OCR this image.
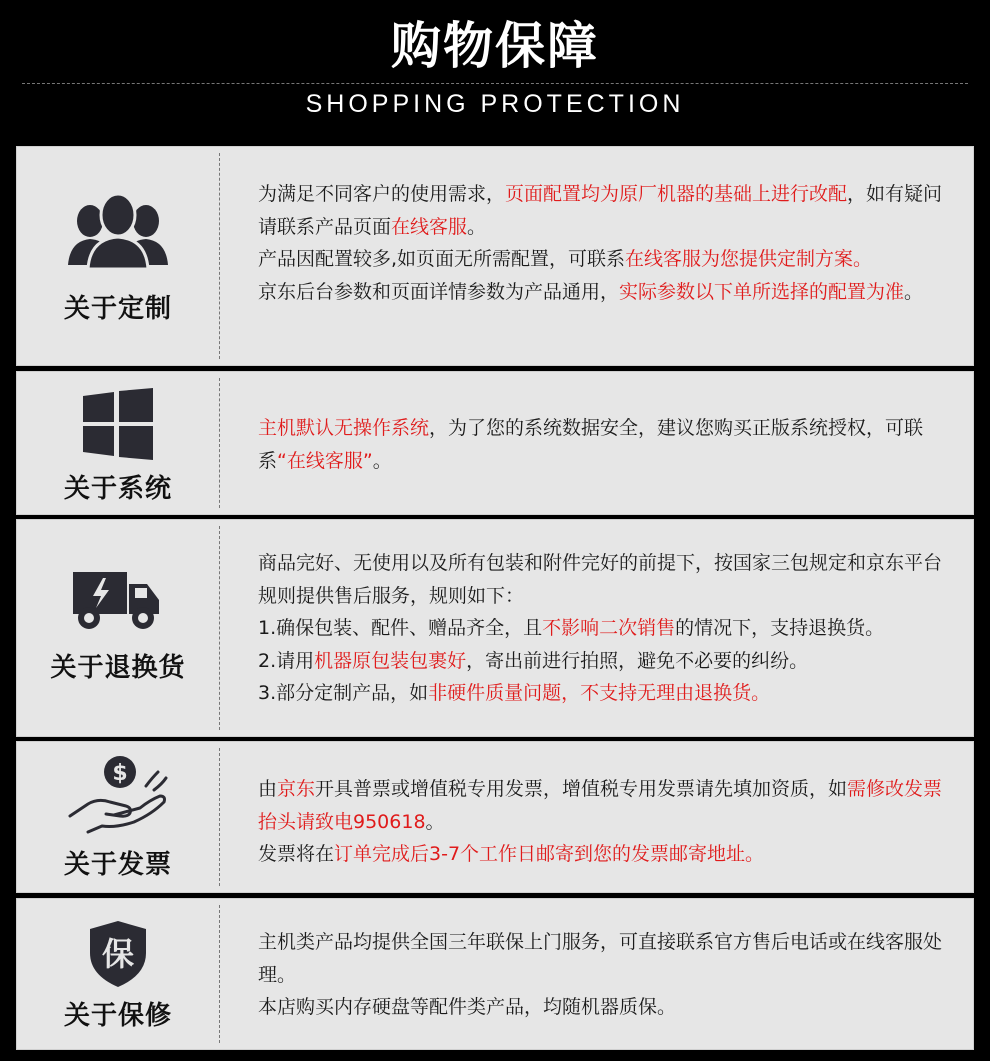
购物保障
SHOPPING PROTECTION
关于定制

为满足不同客户的使用需求，页面配置均为原厂机器的基础上进行改配，如有疑问请联系产品页面在线客服。

产品因配置较多,如页面无所需配置，可联系在线客服为您提供定制方案。

京东后台参数和页面详情参数为产品通用，实际参数以下单所选择的配置为准。

关于系统

主机默认无操作系统，为了您的系统数据安全，建议您购买正版系统授权，可联系“在线客服”。

关于退换货

商品完好、无使用以及所有包装和附件完好的前提下，按国家三包规定和京东平台规则提供售后服务，规则如下：

1.确保包装、配件、赠品齐全，且不影响二次销售的情况下，支持退换货。

2.请用机器原包装包裹好，寄出前进行拍照，避免不必要的纠纷。

3.部分定制产品，如非硬件质量问题，不支持无理由退换货。

$
关于发票

由京东开具普票或增值税专用发票，增值税专用发票请先填加资质，如需修改发票抬头请致电950618。

发票将在订单完成后3-7个工作日邮寄到您的发票邮寄地址。

保
关于保修

主机类产品均提供全国三年联保上门服务，可直接联系官方售后电话或在线客服处理。

本店购买内存硬盘等配件类产品，均随机器质保。
